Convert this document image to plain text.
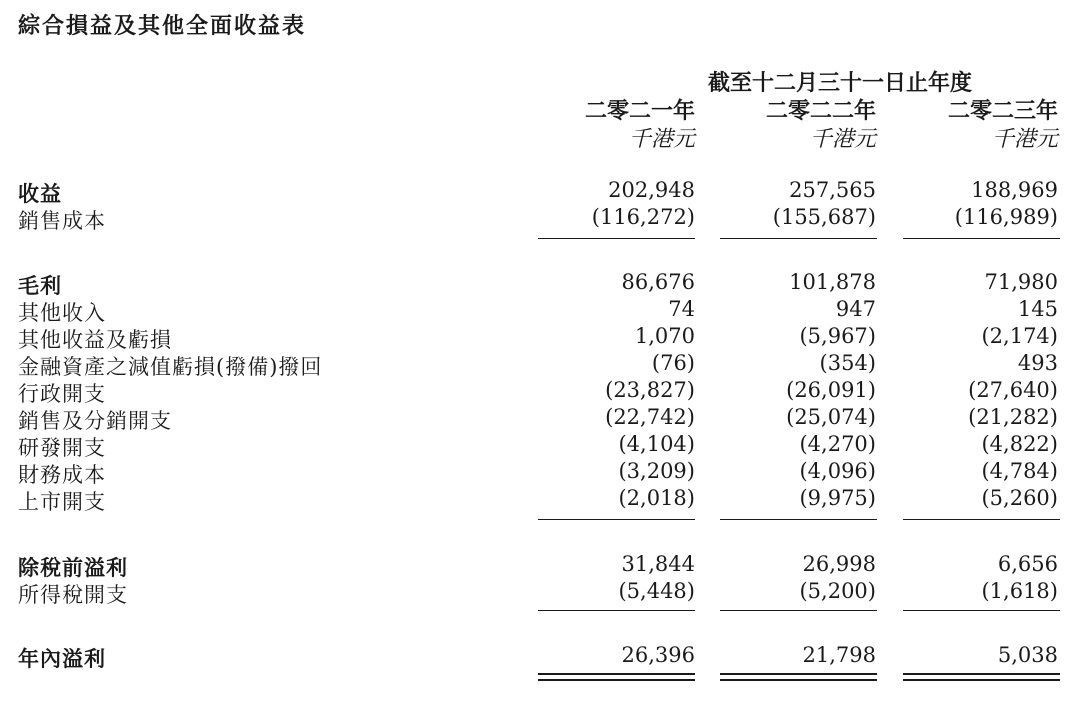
綜合損益及其他全面收益表
截至十二月三十一日止年度
二零二一年	二零二二年	二零二三年
千港元	千港元	千港元
收益	202,948	257,565	188,969
銷售成本	(116,272)	(155,687)	(116,989)
毛利	86,676	101,878	71,980
其他收入	74	947	145
其他收益及虧損	1,070	(5,967)	(2,174)
金融資產之減值虧損(撥備)撥回	(76)	(354)	493
行政開支	(23,827)	(26,091)	(27,640)
銷售及分銷開支	(22,742)	(25,074)	(21,282)
研發開支	(4,104)	(4,270)	(4,822)
財務成本	(3,209)	(4,096)	(4,784)
上市開支	(2,018)	(9,975)	(5,260)
除稅前溢利	31,844	26,998	6,656
所得稅開支	(5,448)	(5,200)	(1,618)
年內溢利	26,396	21,798	5,038
